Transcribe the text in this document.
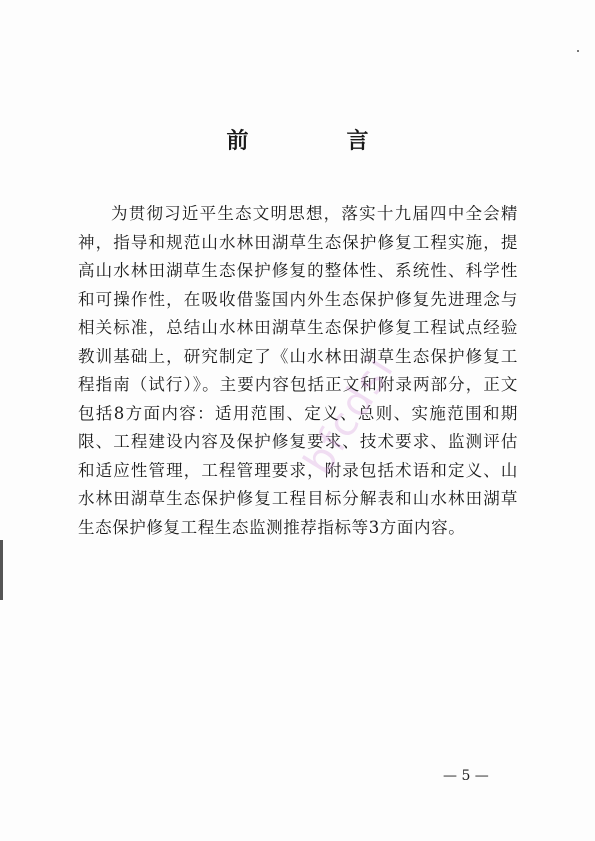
前　言

为贯彻习近平生态文明思想，落实十九届四中全会精神，指导和规范山水林田湖草生态保护修复工程实施，提高山水林田湖草生态保护修复的整体性、系统性、科学性和可操作性，在吸收借鉴国内外生态保护修复先进理念与相关标准，总结山水林田湖草生态保护修复工程试点经验教训基础上，研究制定了《山水林田湖草生态保护修复工程指南（试行）》。主要内容包括正文和附录两部分，正文包括8方面内容：适用范围、定义、总则、实施范围和期限、工程建设内容及保护修复要求、技术要求、监测评估和适应性管理，工程管理要求，附录包括术语和定义、山水林田湖草生态保护修复工程目标分解表和山水林田湖草生态保护修复工程生态监测推荐指标等3方面内容。

bfcdsi
— 5 —
